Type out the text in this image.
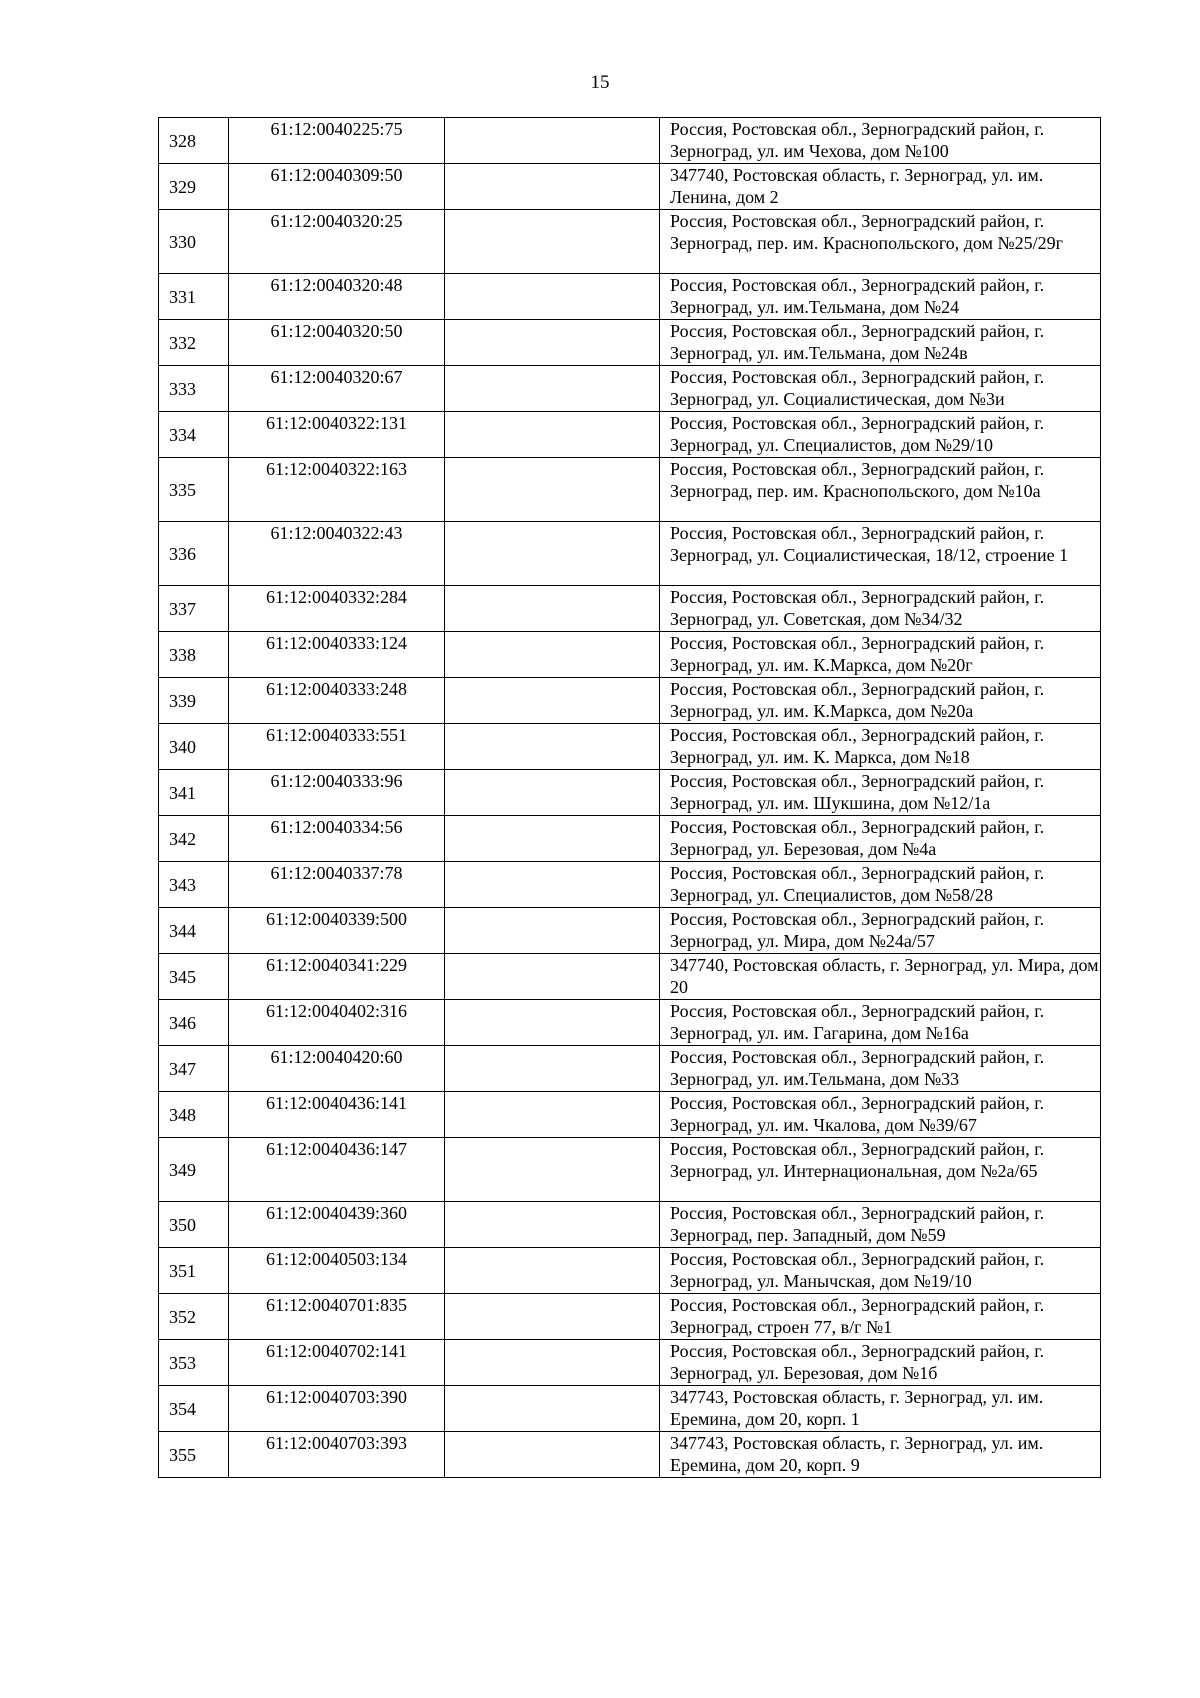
15
328	61:12:0040225:75		Россия, Ростовская обл., Зерноградский район, г. Зерноград, ул. им Чехова, дом №100
329	61:12:0040309:50		347740, Ростовская область, г. Зерноград, ул. им. Ленина, дом 2
330	61:12:0040320:25		Россия, Ростовская обл., Зерноградский район, г. Зерноград, пер. им. Краснопольского, дом №25/29г
331	61:12:0040320:48		Россия, Ростовская обл., Зерноградский район, г. Зерноград, ул. им.Тельмана, дом №24
332	61:12:0040320:50		Россия, Ростовская обл., Зерноградский район, г. Зерноград, ул. им.Тельмана, дом №24в
333	61:12:0040320:67		Россия, Ростовская обл., Зерноградский район, г. Зерноград, ул. Социалистическая, дом №3и
334	61:12:0040322:131		Россия, Ростовская обл., Зерноградский район, г. Зерноград, ул. Специалистов, дом №29/10
335	61:12:0040322:163		Россия, Ростовская обл., Зерноградский район, г. Зерноград, пер. им. Краснопольского, дом №10а
336	61:12:0040322:43		Россия, Ростовская обл., Зерноградский район, г. Зерноград, ул. Социалистическая, 18/12, строение 1
337	61:12:0040332:284		Россия, Ростовская обл., Зерноградский район, г. Зерноград, ул. Советская, дом №34/32
338	61:12:0040333:124		Россия, Ростовская обл., Зерноградский район, г. Зерноград, ул. им. К.Маркса, дом №20г
339	61:12:0040333:248		Россия, Ростовская обл., Зерноградский район, г. Зерноград, ул. им. К.Маркса, дом №20а
340	61:12:0040333:551		Россия, Ростовская обл., Зерноградский район, г. Зерноград, ул. им. К. Маркса, дом №18
341	61:12:0040333:96		Россия, Ростовская обл., Зерноградский район, г. Зерноград, ул. им. Шукшина, дом №12/1а
342	61:12:0040334:56		Россия, Ростовская обл., Зерноградский район, г. Зерноград, ул. Березовая, дом №4а
343	61:12:0040337:78		Россия, Ростовская обл., Зерноградский район, г. Зерноград, ул. Специалистов, дом №58/28
344	61:12:0040339:500		Россия, Ростовская обл., Зерноградский район, г. Зерноград, ул. Мира, дом №24а/57
345	61:12:0040341:229		347740, Ростовская область, г. Зерноград, ул. Мира, дом 20
346	61:12:0040402:316		Россия, Ростовская обл., Зерноградский район, г. Зерноград, ул. им. Гагарина, дом №16а
347	61:12:0040420:60		Россия, Ростовская обл., Зерноградский район, г. Зерноград, ул. им.Тельмана, дом №33
348	61:12:0040436:141		Россия, Ростовская обл., Зерноградский район, г. Зерноград, ул. им. Чкалова, дом №39/67
349	61:12:0040436:147		Россия, Ростовская обл., Зерноградский район, г. Зерноград, ул. Интернациональная, дом №2а/65
350	61:12:0040439:360		Россия, Ростовская обл., Зерноградский район, г. Зерноград, пер. Западный, дом №59
351	61:12:0040503:134		Россия, Ростовская обл., Зерноградский район, г. Зерноград, ул. Манычская, дом №19/10
352	61:12:0040701:835		Россия, Ростовская обл., Зерноградский район, г. Зерноград, строен 77, в/г №1
353	61:12:0040702:141		Россия, Ростовская обл., Зерноградский район, г. Зерноград, ул. Березовая, дом №1б
354	61:12:0040703:390		347743, Ростовская область, г. Зерноград, ул. им. Еремина, дом 20, корп. 1
355	61:12:0040703:393		347743, Ростовская область, г. Зерноград, ул. им. Еремина, дом 20, корп. 9
